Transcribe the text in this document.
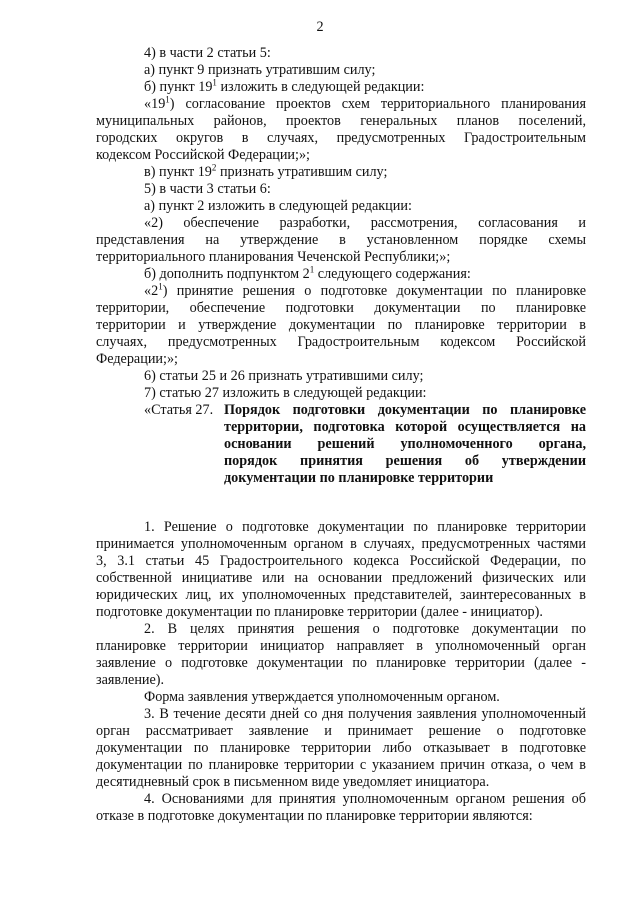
2
4) в части 2 статьи 5:
а) пункт 9 признать утратившим силу;
б) пункт $19^1$ изложить в следующей редакции:
«$19^1$) согласование проектов схем территориального планирования
муниципальных районов, проектов генеральных планов поселений,
городских округов в случаях, предусмотренных Градостроительным
кодексом Российской Федерации;»;
в) пункт $19^2$ признать утратившим силу;
5) в части 3 статьи 6:
а) пункт 2 изложить в следующей редакции:
«2) обеспечение разработки, рассмотрения, согласования и
представления на утверждение в установленном порядке схемы
территориального планирования Чеченской Республики;»;
б) дополнить подпунктом $2^1$ следующего содержания:
«$2^1$) принятие решения о подготовке документации по планировке
территории, обеспечение подготовки документации по планировке
территории и утверждение документации по планировке территории в
случаях, предусмотренных Градостроительным кодексом Российской
Федерации;»;
6) статьи 25 и 26 признать утратившими силу;
7) статью 27 изложить в следующей редакции:
«Статья 27. Порядок подготовки документации по планировке
территории, подготовка которой осуществляется на
основании решений уполномоченного органа,
порядок принятия решения об утверждении
документации по планировке территории
1. Решение о подготовке документации по планировке территории
принимается уполномоченным органом в случаях, предусмотренных частями
3, 3.1 статьи 45 Градостроительного кодекса Российской Федерации, по
собственной инициативе или на основании предложений физических или
юридических лиц, их уполномоченных представителей, заинтересованных в
подготовке документации по планировке территории (далее - инициатор).
2. В целях принятия решения о подготовке документации по
планировке территории инициатор направляет в уполномоченный орган
заявление о подготовке документации по планировке территории (далее -
заявление).
Форма заявления утверждается уполномоченным органом.
3. В течение десяти дней со дня получения заявления уполномоченный
орган рассматривает заявление и принимает решение о подготовке
документации по планировке территории либо отказывает в подготовке
документации по планировке территории с указанием причин отказа, о чем в
десятидневный срок в письменном виде уведомляет инициатора.
4. Основаниями для принятия уполномоченным органом решения об
отказе в подготовке документации по планировке территории являются:
